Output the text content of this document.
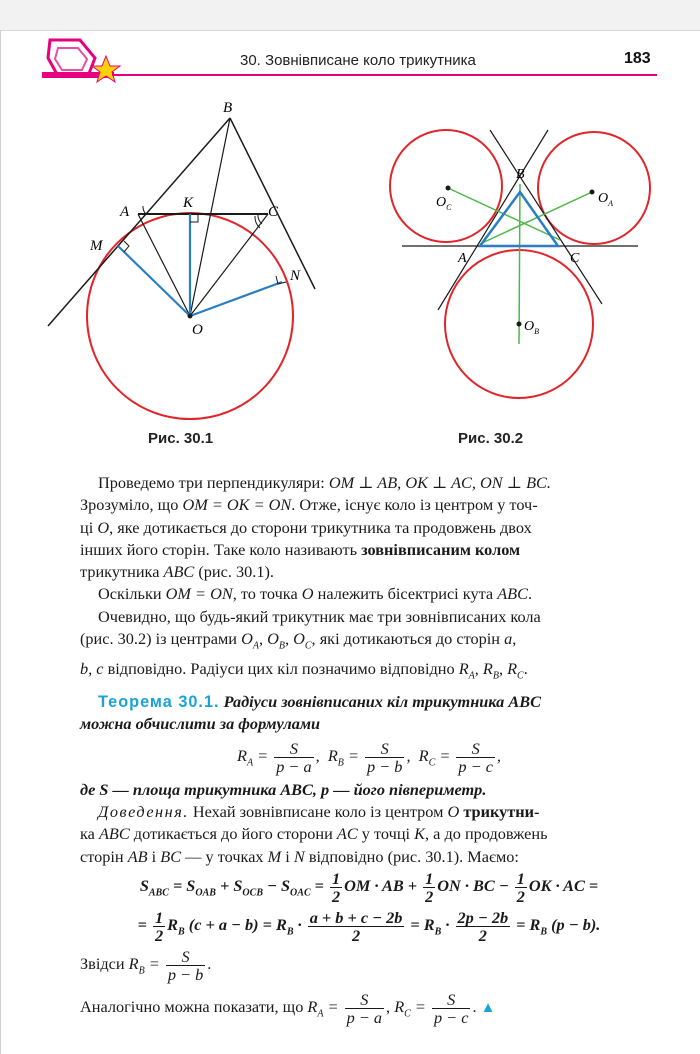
30. Зовнівписане коло трикутника	183
B
A
K
C
M
N
O
Рис. 30.1
B
A	C
$O_C$
$O_A$
$O_B$
Рис. 30.2
Проведемо три перпендикуляри: OM ⊥ AB, OK ⊥ AC, ON ⊥ BC.
Зрозуміло, що OM = OK = ON. Отже, існує коло із центром у точ-
ці O, яке дотикається до сторони трикутника та продовжень двох
інших його сторін. Таке коло називають зовнівписаним колом
трикутника ABC (рис. 30.1).
Оскільки OM = ON, то точка O належить бісектрисі кута ABC.
Очевидно, що будь-який трикутник має три зовнівписаних кола
(рис. 30.2) із центрами $O_A$, $O_B$, $O_C$, які дотикаються до сторін a,
b, c відповідно. Радіуси цих кіл позначимо відповідно $R_A$, $R_B$, $R_C$.
Теорема 30.1. Радіуси зовнівписаних кіл трикутника ABC
можна обчислити за формулами
$R_A = \frac{S}{p - a}$ ,  $R_B = \frac{S}{p - b}$ ,  $R_C = \frac{S}{p - c}$ ,
де S — площа трикутника ABC, p — його півпериметр.
Доведення. Нехай зовнівписане коло із центром O трикутни-
ка ABC дотикається до його сторони AC у точці K, а до продовжень
сторін AB і BC — у точках M і N відповідно (рис. 30.1). Маємо:
$S_{ABC} = S_{OAB} + S_{OCB} - S_{OAC} = \frac{1}{2}$ OM · AB + $\frac{1}{2}$ ON · BC − $\frac{1}{2}$ OK · AC =
= $\frac{1}{2} R_B$ $(c + a - b) = R_B \cdot \frac{a + b + c - 2b}{2} = R_B \cdot \frac{2p - 2b}{2} = R_B$ (p − b).
Звідси $R_B = \frac{S}{p - b}$ .
Аналогічно можна показати, що $R_A = \frac{S}{p - a}$ , $R_C = \frac{S}{p - c}$ . ▲
